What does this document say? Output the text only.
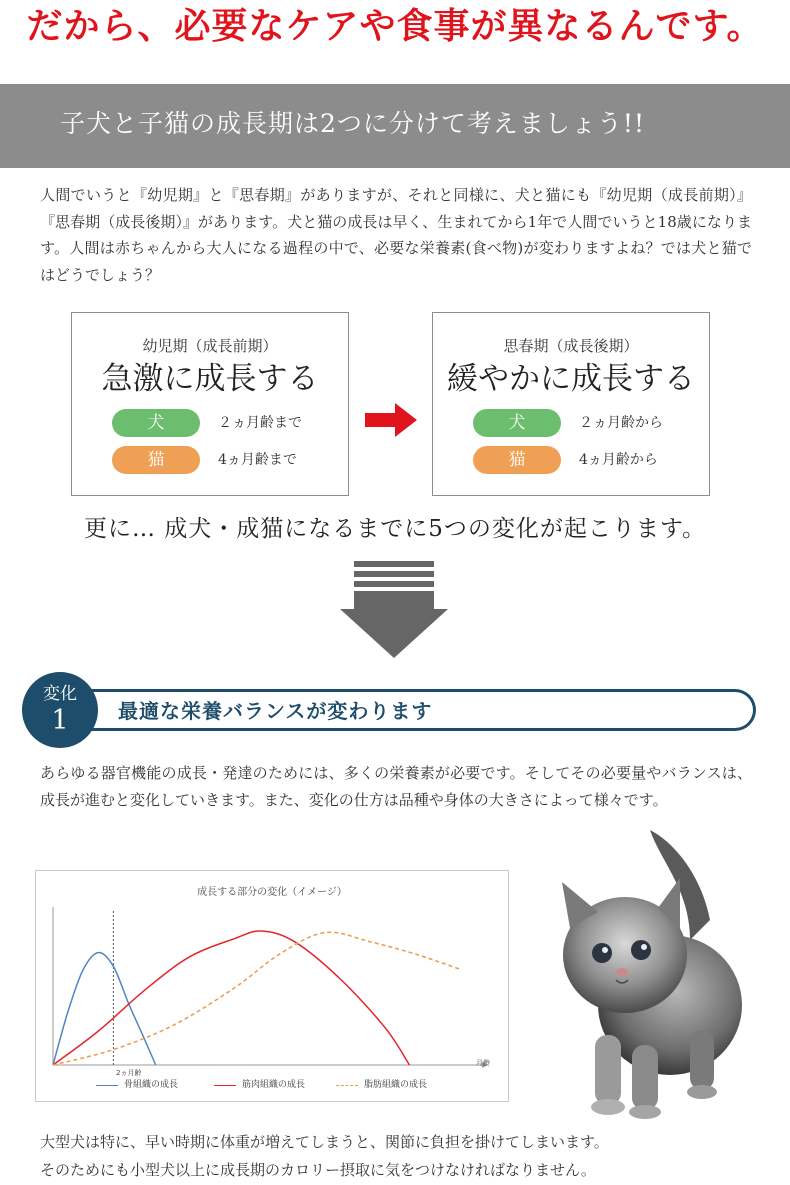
だから、必要なケアや食事が異なるんです。
子犬と子猫の成長期は2つに分けて考えましょう!!

人間でいうと『幼児期』と『思春期』がありますが、それと同様に、犬と猫にも『幼児期（成長前期）』『思春期（成長後期）』があります。犬と猫の成長は早く、生まれてから1年で人間でいうと18歳になります。人間は赤ちゃんから大人になる過程の中で、必要な栄養素(食べ物)が変わりますよね？では犬と猫ではどうでしょう？

幼児期（成長前期）
急激に成長する
犬	２ヵ月齢まで
猫	4ヵ月齢まで
思春期（成長後期）
緩やかに成長する
犬	２ヵ月齢から
猫	4ヵ月齢から
更に… 成犬・成猫になるまでに5つの変化が起こります。
最適な栄養バランスが変わります
変化
1

あらゆる器官機能の成長・発達のためには、多くの栄養素が必要です。そしてその必要量やバランスは、成長が進むと変化していきます。また、変化の仕方は品種や身体の大きさによって様々です。

成長する部分の変化（イメージ）
月齢
2ヵ月齢
骨組織の成長	筋肉組織の成長	脂肪組織の成長
大型犬は特に、早い時期に体重が増えてしまうと、関節に負担を掛けてしまいます。
そのためにも小型犬以上に成長期のカロリー摂取に気をつけなければなりません。
